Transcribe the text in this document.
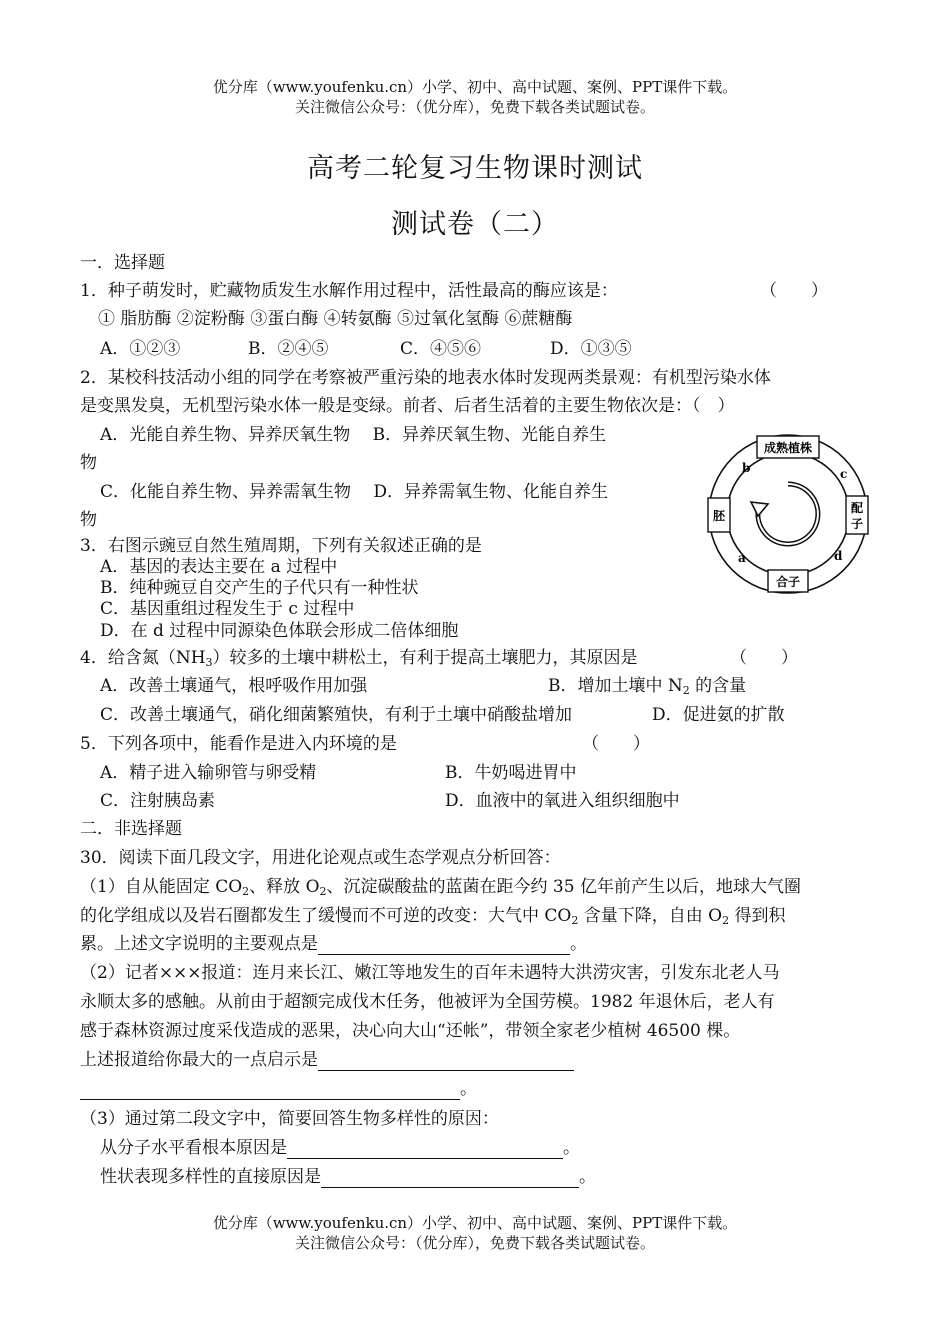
优分库（www.youfenku.cn）小学、初中、高中试题、案例、PPT课件下载。
关注微信公众号：（优分库），免费下载各类试题试卷。
高考二轮复习生物课时测试
测试卷（二）
一．选择题
1．种子萌发时，贮藏物质发生水解作用过程中，活性最高的酶应该是：	（　　）
① 脂肪酶 ②淀粉酶 ③蛋白酶 ④转氨酶 ⑤过氧化氢酶 ⑥蔗糖酶
A．①②③	B．②④⑤	C．④⑤⑥	D．①③⑤
2．某校科技活动小组的同学在考察被严重污染的地表水体时发现两类景观：有机型污染水体
是变黑发臭，无机型污染水体一般是变绿。前者、后者生活着的主要生物依次是：（　）
A．光能自养生物、异养厌氧生物　 B．异养厌氧生物、光能自养生
物
C．化能自养生物、异养需氧生物　 D．异养需氧生物、化能自养生
物
3．右图示豌豆自然生殖周期，下列有关叙述正确的是
A．基因的表达主要在 a 过程中
B．纯种豌豆自交产生的子代只有一种性状
C．基因重组过程发生于 c 过程中
D．在 d 过程中同源染色体联会形成二倍体细胞
成熟植株
配
子
合子
胚
b	c
d
a
4．给含氮$(NH_3)$较多的土壤中耕松土，有利于提高土壤肥力，其原因是	（　　）
A．改善土壤通气，根呼吸作用加强	B．增加土壤中 $N_2$ 的含量
C．改善土壤通气，硝化细菌繁殖快，有利于土壤中硝酸盐增加	D．促进氨的扩散
5．下列各项中，能看作是进入内环境的是	（　　）
A．精子进入输卵管与卵受精	B．牛奶喝进胃中
C．注射胰岛素	D．血液中的氧进入组织细胞中
二．非选择题
30．阅读下面几段文字，用进化论观点或生态学观点分析回答：
（1）自从能固定 $CO_2$、释放 $O_2$、沉淀碳酸盐的蓝菌在距今约 35 亿年前产生以后，地球大气圈
的化学组成以及岩石圈都发生了缓慢而不可逆的改变：大气中 $CO_2$ 含量下降，自由 $O_2$ 得到积
累。上述文字说明的主要观点是	。
（2）记者×××报道：连月来长江、嫩江等地发生的百年未遇特大洪涝灾害，引发东北老人马
永顺太多的感触。从前由于超额完成伐木任务，他被评为全国劳模。1982 年退休后，老人有
感于森林资源过度采伐造成的恶果，决心向大山“还帐”，带领全家老少植树 46500 棵。
上述报道给你最大的一点启示是
。
（3）通过第二段文字中，简要回答生物多样性的原因：
从分子水平看根本原因是	。
性状表现多样性的直接原因是	。
优分库（www.youfenku.cn）小学、初中、高中试题、案例、PPT课件下载。
关注微信公众号：（优分库），免费下载各类试题试卷。
